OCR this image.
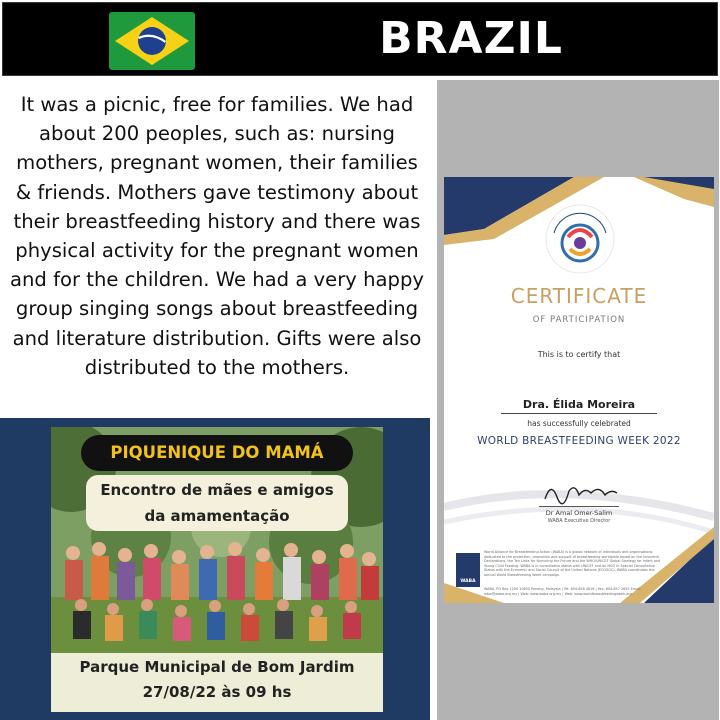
BRAZIL

It was a picnic, free for families. We had about 200 peoples, such as: nursing mothers, pregnant women, their families & friends. Mothers gave testimony about their breastfeeding history and there was physical activity for the pregnant women and for the children. We had a very happy group singing songs about breastfeeding and literature distribution. Gifts were also distributed to the mothers.

PIQUENIQUE DO MAMÁ
Encontro de mães e amigos
da amamentação
Parque Municipal de Bom Jardim
27/08/22 às 09 hs
CERTIFICATE
OF PARTICIPATION
This is to certify that
Dra. Élida Moreira
has successfully celebrated
WORLD BREASTFEEDING WEEK 2022
Dr Amal Omer-Salim
WABA Executive Director
WABA

World Alliance for Breastfeeding Action (WABA) is a global network of individuals and organisations dedicated to the protection, promotion and support of breastfeeding worldwide based on the Innocenti Declarations, the Ten Links for Nurturing the Future and the WHO/UNICEF Global Strategy for Infant and Young Child Feeding. WABA is in consultative status with UNICEF and an NGO in Special Consultative Status with the Economic and Social Council of the United Nations (ECOSOC). WABA coordinates the annual World Breastfeeding Week campaign.

WABA, PO Box 1200 10850 Penang, Malaysia | Tel: 604-658 4816 | Fax: 604-657 2655 Email: wbw@waba.org.my | Web: www.waba.org.my | Web: www.worldbreastfeedingweek.org
